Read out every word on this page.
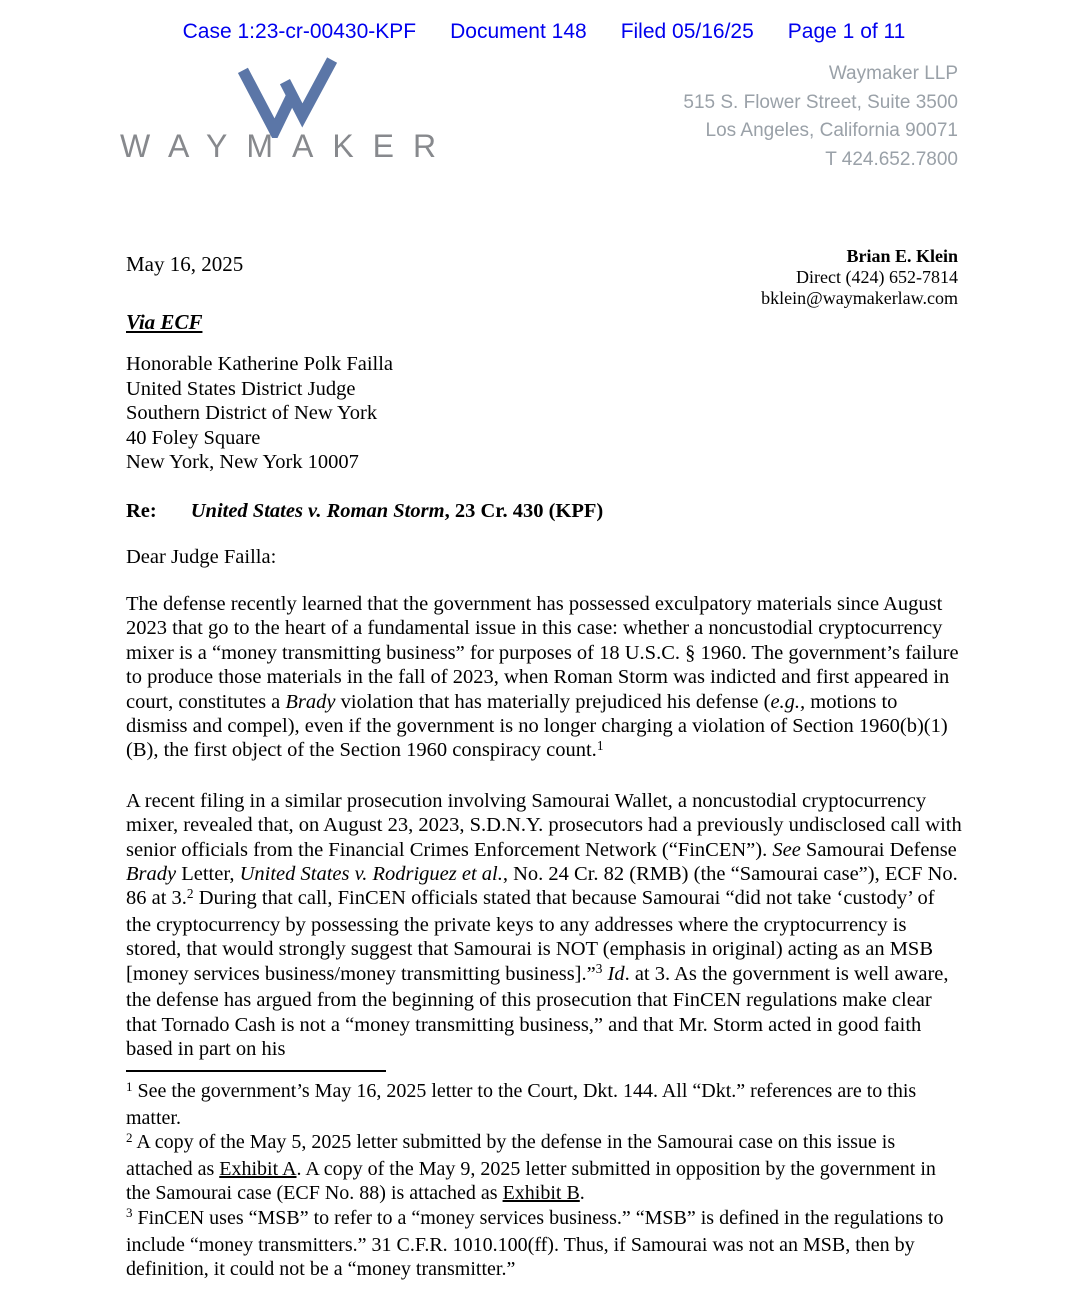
Case 1:23-cr-00430-KPF Document 148 Filed 05/16/25 Page 1 of 11
WAYMAKER
Waymaker LLP
515 S. Flower Street, Suite 3500
Los Angeles, California 90071
T 424.652.7800
May 16, 2025	Brian E. Klein
Direct (424) 652-7814
bklein@waymakerlaw.com
Via ECF
Honorable Katherine Polk Failla
United States District Judge
Southern District of New York
40 Foley Square
New York, New York 10007
Re: United States v. Roman Storm, 23 Cr. 430 (KPF)
Dear Judge Failla:

The defense recently learned that the government has possessed exculpatory materials since August 2023 that go to the heart of a fundamental issue in this case: whether a noncustodial cryptocurrency mixer is a “money transmitting business” for purposes of 18 U.S.C. § 1960. The government’s failure to produce those materials in the fall of 2023, when Roman Storm was indicted and first appeared in court, constitutes a Brady violation that has materially prejudiced his defense (e.g., motions to dismiss and compel), even if the government is no longer charging a violation of Section 1960(b)(1)(B), the first object of the Section 1960 conspiracy count.$^1$

A recent filing in a similar prosecution involving Samourai Wallet, a noncustodial cryptocurrency mixer, revealed that, on August 23, 2023, S.D.N.Y. prosecutors had a previously undisclosed call with senior officials from the Financial Crimes Enforcement Network (“FinCEN”). See Samourai Defense Brady Letter, United States v. Rodriguez et al., No. 24 Cr. 82 (RMB) (the “Samourai case”), ECF No. 86 at 3.$^2$ During that call, FinCEN officials stated that because Samourai “did not take ‘custody’ of the cryptocurrency by possessing the private keys to any addresses where the cryptocurrency is stored, that would strongly suggest that Samourai is NOT (emphasis in original) acting as an MSB [money services business/money transmitting business].”$^3$ Id. at 3. As the government is well aware, the defense has argued from the beginning of this prosecution that FinCEN regulations make clear that Tornado Cash is not a “money transmitting business,” and that Mr. Storm acted in good faith based in part on his

$^1$ See the government’s May 16, 2025 letter to the Court, Dkt. 144. All “Dkt.” references are to this matter.

$^2$ A copy of the May 5, 2025 letter submitted by the defense in the Samourai case on this issue is attached as Exhibit A. A copy of the May 9, 2025 letter submitted in opposition by the government in the Samourai case (ECF No. 88) is attached as Exhibit B.

$^3$ FinCEN uses “MSB” to refer to a “money services business.” “MSB” is defined in the regulations to include “money transmitters.” 31 C.F.R. 1010.100(ff). Thus, if Samourai was not an MSB, then by definition, it could not be a “money transmitter.”
